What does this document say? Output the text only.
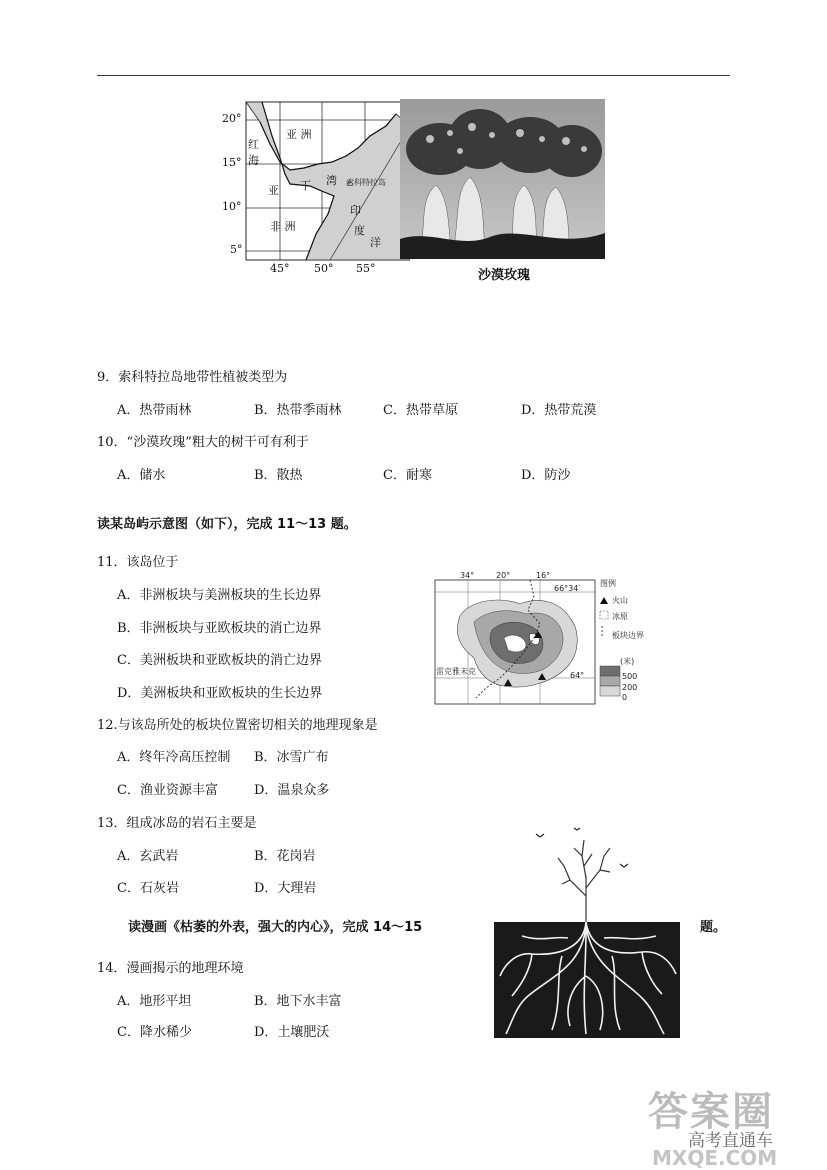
亚 洲
红
海
亚 丁 湾 索科特拉岛
非 洲
印
度
洋
20°
15°
10°
5°
45° 50° 55°	沙漠玫瑰
9．索科特拉岛地带性植被类型为
A．热带雨林	B．热带季雨林	C．热带草原	D．热带荒漠
10．“沙漠玫瑰”粗大的树干可有利于
A．储水	B．散热	C．耐寒	D．防沙
读某岛屿示意图（如下），完成 11～13 题。
11．该岛位于
A．非洲板块与美洲板块的生长边界
B．非洲板块与亚欧板块的消亡边界
C．美洲板块和亚欧板块的消亡边界
D．美洲板块和亚欧板块的生长边界
雷克雅未克
34°	20°	16°
66°34′
64°
图例
火山
冰原
板块边界
(米)
500
200
0
12.与该岛所处的板块位置密切相关的地理现象是
A．终年冷高压控制 B．冰雪广布
C．渔业资源丰富	D．温泉众多
13．组成冰岛的岩石主要是
A．玄武岩	B．花岗岩
C．石灰岩	D．大理岩
读漫画《枯萎的外表，强大的内心》，完成 14～15	题。
14．漫画揭示的地理环境
A．地形平坦	B．地下水丰富
C．降水稀少	D．土壤肥沃
答案圈
高考直通车
MXQE.COM
